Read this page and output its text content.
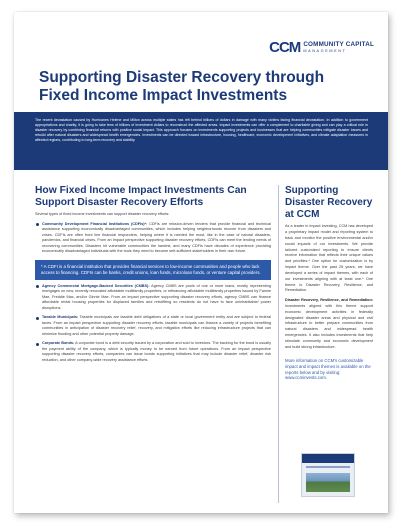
CCM COMMUNITY CAPITAL
MANAGEMENT
Supporting Disaster Recovery through Fixed Income Impact Investments

The recent devastation caused by Hurricanes Helene and Milton across multiple states has left behind billions of dollars in damage with many victims facing financial devastation. In addition to government appropriations and charity, it is going to take tens of billions of investment dollars to reconstruct the affected areas. Impact investments can offer a complement to charitable giving and can play a critical role in disaster recovery by combining financial returns with positive social impact. This approach focuses on investments supporting projects and businesses that are helping communities mitigate disaster losses and rebuild after natural disasters and widespread health emergencies. Investments can be directed toward infrastructure, housing, healthcare, economic development initiatives, and climate adaptation measures in affected regions, contributing to long-term recovery and stability.

How Fixed Income Impact Investments Can Support Disaster Recovery Efforts

Several types of fixed income investments can support disaster recovery efforts:

Community Development Financial Institutions (CDFIs)*: CDFIs are mission-driven lenders that provide financial and technical assistance supporting economically disadvantaged communities, which includes helping neighborhoods recover from disasters and crises. CDFIs are often front line financial responders, helping where it is needed the most, like in the case of natural disasters, pandemics, and financial crises. From an impact perspective supporting disaster recovery efforts, CDFIs can meet the lending needs of recovering communities. Disasters hit vulnerable communities the hardest, and many CDFIs have decades of experience providing economically disadvantaged individuals with the tools they need to become self-sufficient stakeholders in their own future.

* A CDFI is a financial institution that provides financial services to low-income communities and people who lack access to financing. CDFIs can be banks, credit unions, loan funds, microloan funds, or venture capital providers.

Agency Commercial Mortgage-Backed Securities (CMBS): Agency CMBS are pools of one or more loans, mostly representing mortgages on new, recently renovated affordable multifamily properties, or refinancing affordable multifamily properties issued by Fannie Mae, Freddie Mac, and/or Ginnie Mae. From an impact perspective supporting disaster recovery efforts, agency CMBS can finance affordable rental housing properties for displaced families and retrofitting so residents do not have to face uninhabitable/ power disruptions.
Taxable Municipals: Taxable municipals are taxable debt obligations of a state or local government entity and are subject to federal taxes. From an impact perspective supporting disaster recovery efforts, taxable municipals can finance a variety of projects benefiting communities in anticipation of disaster recovery relief, recovery, and mitigation efforts like reducing infrastructure projects that can minimize flooding and other potential property damage.
Corporate Bonds: A corporate bond is a debt security issued by a corporation and sold to investors. The backing for the bond is usually the payment ability of the company, which is typically money to be earned from future operations. From an impact perspective supporting disaster recovery efforts, companies can issue bonds supporting initiatives that may include disaster relief, disaster risk reduction, and other company-wide recovery assistance efforts.
Supporting Disaster Recovery at CCM

As a leader in impact investing, CCM has developed a proprietary impact model and reporting system to track and monitor the positive environmental and/or social impacts of our investments. We provide tailored customized reporting to ensure clients receive information that reflects their unique values and priorities.* One option for customization is by impact theme. Over the past 25 years, we have developed a series of impact themes, with each of our investments aligning with at least one.* One theme is Disaster Recovery, Resilience, and Remediation.

Disaster Recovery, Resilience, and Remediation: Investments aligned with this theme support economic development activities in federally designated disaster areas and physical and civil infrastructure to better prepare communities from natural disasters and widespread health emergencies. It also includes investments that help stimulate community and economic development and build strong infrastructure.

More information on CCM's customizable impact and impact themes is available on the reports below and by visiting: www.ccminvests.com.
